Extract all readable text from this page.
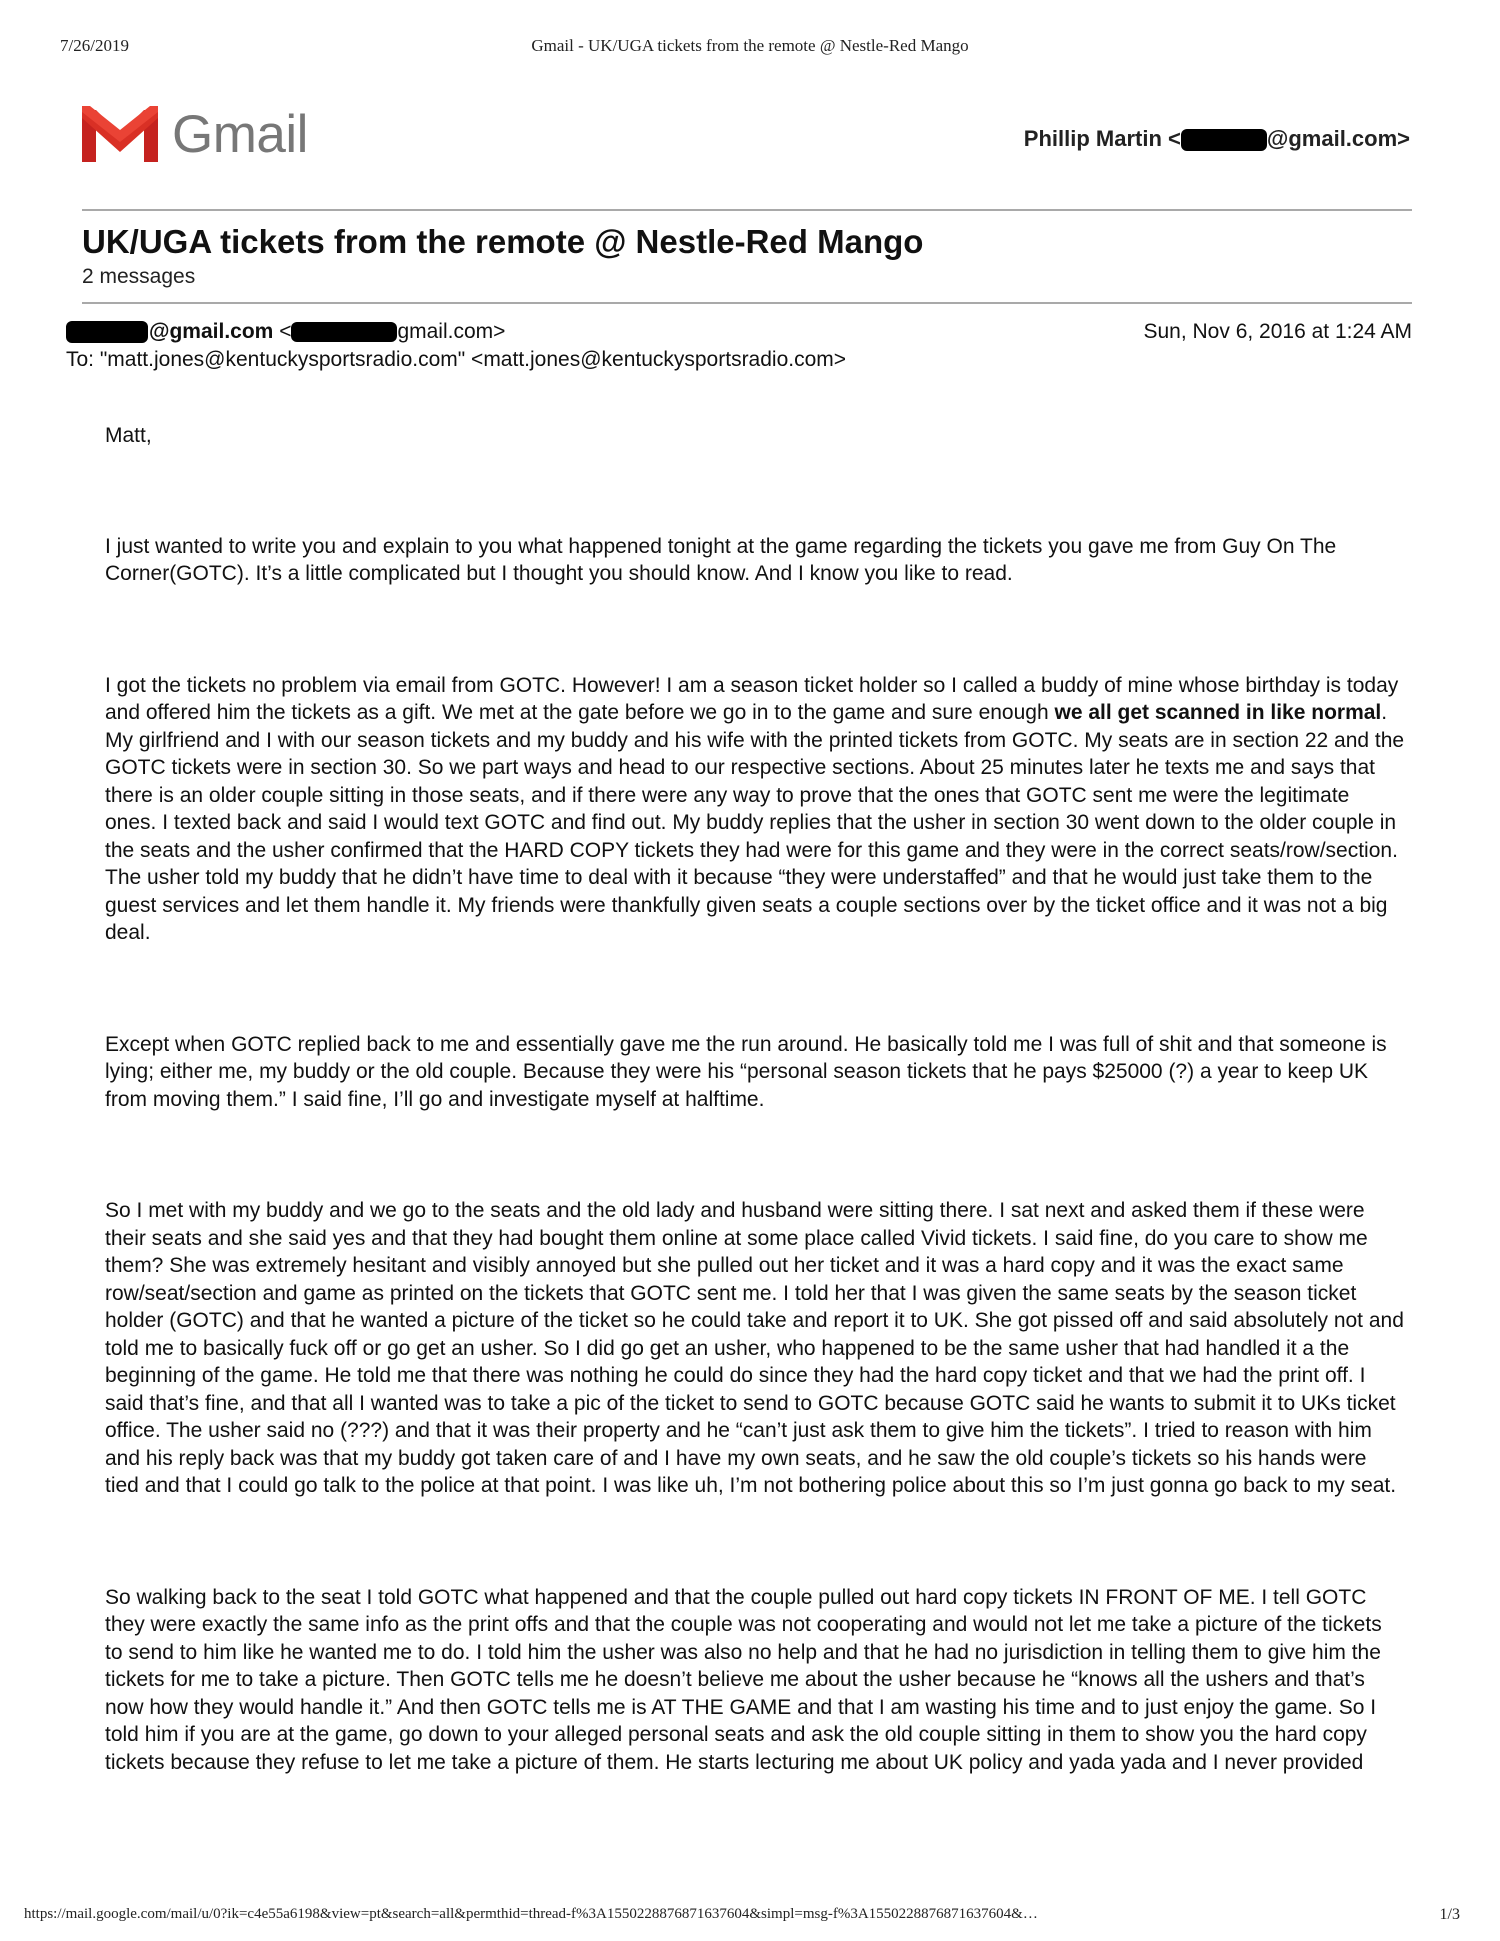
7/26/2019	Gmail - UK/UGA tickets from the remote @ Nestle-Red Mango
Gmail	Phillip Martin <	@gmail.com>
UK/UGA tickets from the remote @ Nestle-Red Mango
2 messages
@gmail.com <	gmail.com>	Sun, Nov 6, 2016 at 1:24 AM
To: "matt.jones@kentuckysportsradio.com" <matt.jones@kentuckysportsradio.com>

Matt,

I just wanted to write you and explain to you what happened tonight at the game regarding the tickets you gave me from Guy On The Corner(GOTC). It’s a little complicated but I thought you should know. And I know you like to read.

I got the tickets no problem via email from GOTC. However! I am a season ticket holder so I called a buddy of mine whose birthday is today and offered him the tickets as a gift. We met at the gate before we go in to the game and sure enough we all get scanned in like normal. My girlfriend and I with our season tickets and my buddy and his wife with the printed tickets from GOTC. My seats are in section 22 and the GOTC tickets were in section 30. So we part ways and head to our respective sections. About 25 minutes later he texts me and says that there is an older couple sitting in those seats, and if there were any way to prove that the ones that GOTC sent me were the legitimate ones. I texted back and said I would text GOTC and find out. My buddy replies that the usher in section 30 went down to the older couple in the seats and the usher confirmed that the HARD COPY tickets they had were for this game and they were in the correct seats/row/section. The usher told my buddy that he didn’t have time to deal with it because “they were understaffed” and that he would just take them to the guest services and let them handle it. My friends were thankfully given seats a couple sections over by the ticket office and it was not a big deal.

Except when GOTC replied back to me and essentially gave me the run around. He basically told me I was full of shit and that someone is lying; either me, my buddy or the old couple. Because they were his “personal season tickets that he pays $25000 (?) a year to keep UK from moving them.” I said fine, I’ll go and investigate myself at halftime.

So I met with my buddy and we go to the seats and the old lady and husband were sitting there. I sat next and asked them if these were their seats and she said yes and that they had bought them online at some place called Vivid tickets. I said fine, do you care to show me them? She was extremely hesitant and visibly annoyed but she pulled out her ticket and it was a hard copy and it was the exact same row/seat/section and game as printed on the tickets that GOTC sent me. I told her that I was given the same seats by the season ticket holder (GOTC) and that he wanted a picture of the ticket so he could take and report it to UK. She got pissed off and said absolutely not and told me to basically fuck off or go get an usher. So I did go get an usher, who happened to be the same usher that had handled it a the beginning of the game. He told me that there was nothing he could do since they had the hard copy ticket and that we had the print off. I said that’s fine, and that all I wanted was to take a pic of the ticket to send to GOTC because GOTC said he wants to submit it to UKs ticket office. The usher said no (???) and that it was their property and he “can’t just ask them to give him the tickets”. I tried to reason with him and his reply back was that my buddy got taken care of and I have my own seats, and he saw the old couple’s tickets so his hands were tied and that I could go talk to the police at that point. I was like uh, I’m not bothering police about this so I’m just gonna go back to my seat.

So walking back to the seat I told GOTC what happened and that the couple pulled out hard copy tickets IN FRONT OF ME. I tell GOTC they were exactly the same info as the print offs and that the couple was not cooperating and would not let me take a picture of the tickets to send to him like he wanted me to do. I told him the usher was also no help and that he had no jurisdiction in telling them to give him the tickets for me to take a picture. Then GOTC tells me he doesn’t believe me about the usher because he “knows all the ushers and that’s now how they would handle it.” And then GOTC tells me is AT THE GAME and that I am wasting his time and to just enjoy the game. So I told him if you are at the game, go down to your alleged personal seats and ask the old couple sitting in them to show you the hard copy tickets because they refuse to let me take a picture of them. He starts lecturing me about UK policy and yada yada and I never provided

https://mail.google.com/mail/u/0?ik=c4e55a6198&view=pt&search=all&permthid=thread-f%3A1550228876871637604&simpl=msg-f%3A1550228876871637604&…	1/3
